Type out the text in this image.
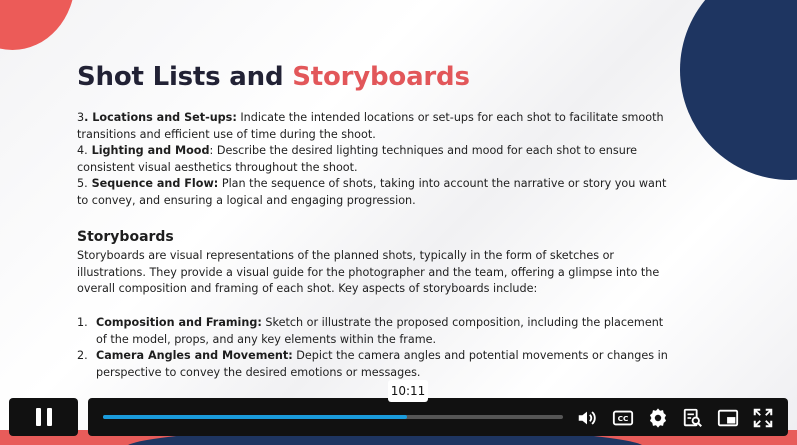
Shot Lists and Storyboards
3. Locations and Set-ups: Indicate the intended locations or set-ups for each shot to facilitate smooth transitions and efficient use of time during the shoot.
4. Lighting and Mood: Describe the desired lighting techniques and mood for each shot to ensure consistent visual aesthetics throughout the shoot.
5. Sequence and Flow: Plan the sequence of shots, taking into account the narrative or story you want to convey, and ensuring a logical and engaging progression.
Storyboards
Storyboards are visual representations of the planned shots, typically in the form of sketches or illustrations. They provide a visual guide for the photographer and the team, offering a glimpse into the overall composition and framing of each shot. Key aspects of storyboards include:
1. Composition and Framing: Sketch or illustrate the proposed composition, including the placement of the model, props, and any key elements within the frame.
2. Camera Angles and Movement: Depict the camera angles and potential movements or changes in perspective to convey the desired emotions or messages.
CC
10:11
